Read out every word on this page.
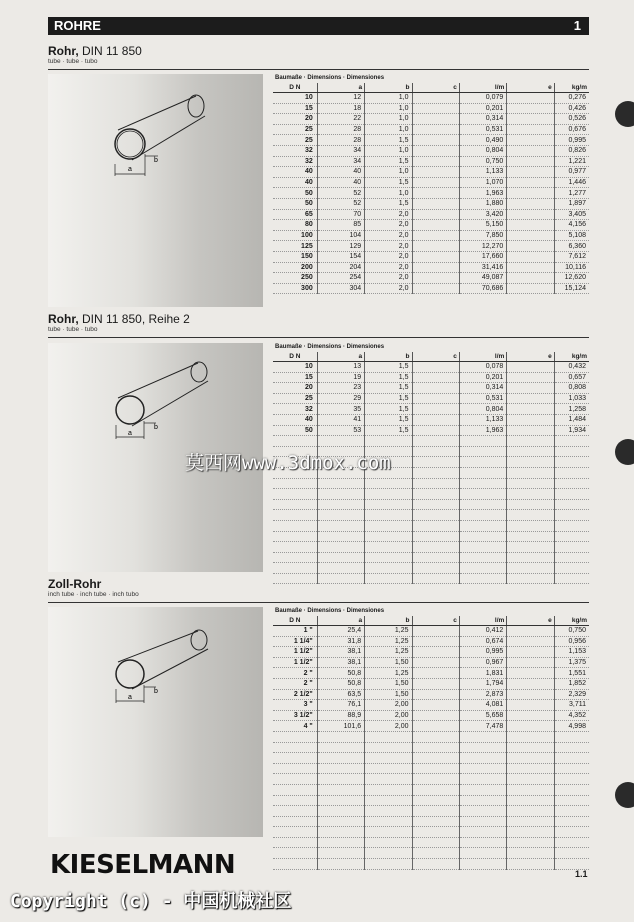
ROHRE	1
Rohr, DIN 11 850
tube · tube · tubo
a
b
Baumaße · Dimensions · Dimensiones
D N	a	b	c	l/m	e	kg/m
10	12	1,0		0,079		0,276
15	18	1,0		0,201		0,426
20	22	1,0		0,314		0,526
25	28	1,0		0,531		0,676
25	28	1,5		0,490		0,995
32	34	1,0		0,804		0,826
32	34	1,5		0,750		1,221
40	40	1,0		1,133		0,977
40	40	1,5		1,070		1,446
50	52	1,0		1,963		1,277
50	52	1,5		1,880		1,897
65	70	2,0		3,420		3,405
80	85	2,0		5,150		4,156
100	104	2,0		7,850		5,108
125	129	2,0		12,270		6,360
150	154	2,0		17,660		7,612
200	204	2,0		31,416		10,116
250	254	2,0		49,087		12,620
300	304	2,0		70,686		15,124
Rohr, DIN 11 850, Reihe 2
tube · tube · tubo
a
b
Baumaße · Dimensions · Dimensiones
D N	a	b	c	l/m	e	kg/m
10	13	1,5		0,078		0,432
15	19	1,5		0,201		0,657
20	23	1,5		0,314		0,808
25	29	1,5		0,531		1,033
32	35	1,5		0,804		1,258
40	41	1,5		1,133		1,484
50	53	1,5		1,963		1,934

莫西网www.3dmox.com
Zoll-Rohr
inch tube · inch tube · inch tubo
a
b
Baumaße · Dimensions · Dimensiones
D N	a	b	c	l/m	e	kg/m
1 "	25,4	1,25		0,412		0,750
1 1/4"	31,8	1,25		0,674		0,956
1 1/2"	38,1	1,25		0,995		1,153
1 1/2"	38,1	1,50		0,967		1,375
2 "	50,8	1,25		1,831		1,551
2 "	50,8	1,50		1,794		1,852
2 1/2"	63,5	1,50		2,873		2,329
3 "	76,1	2,00		4,081		3,711
3 1/2"	88,9	2,00		5,658		4,352
4 "	101,6	2,00		7,478		4,998

KIESELMANN	1.1
Copyright (c) - 中国机械社区
